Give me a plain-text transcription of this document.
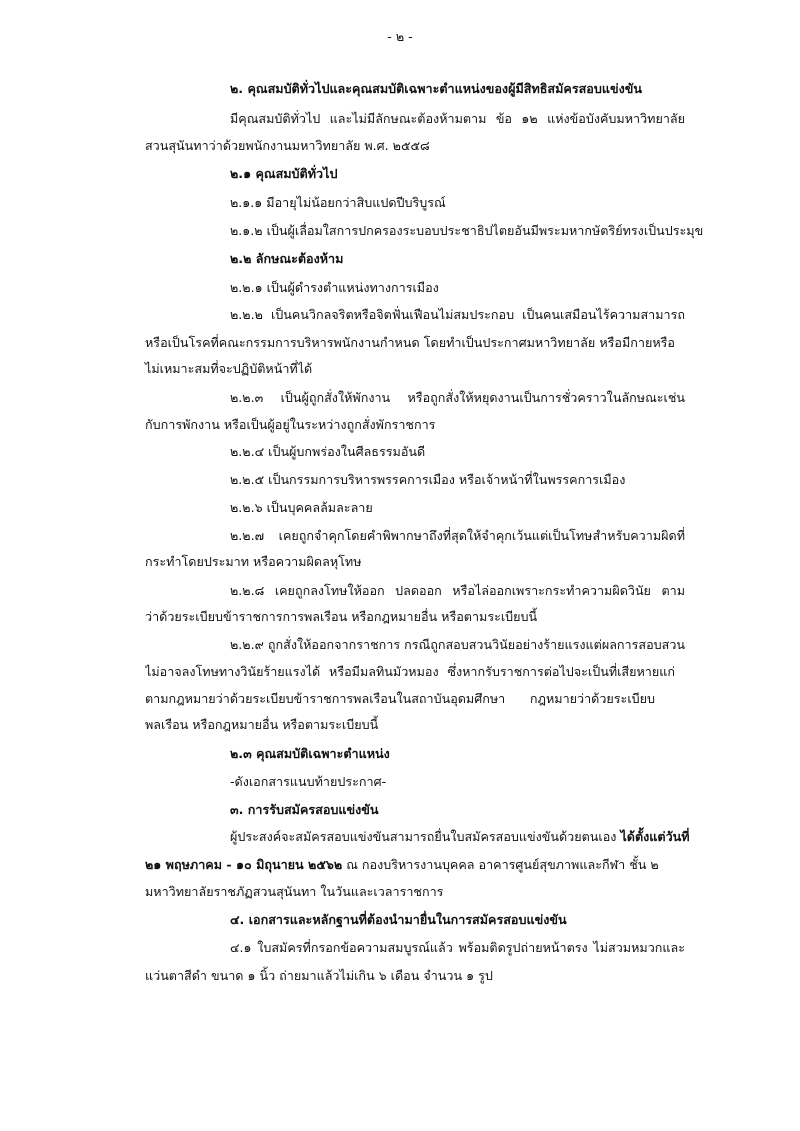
- ๒ -
๒. คุณสมบัติทั่วไปและคุณสมบัติเฉพาะตำแหน่งของผู้มีสิทธิสมัครสอบแข่งขัน
มีคุณสมบัติทั่วไป และไม่มีลักษณะต้องห้ามตาม ข้อ ๑๒ แห่งข้อบังคับมหาวิทยาลัย
สวนสุนันทาว่าด้วยพนักงานมหาวิทยาลัย พ.ศ. ๒๕๕๘
๒.๑ คุณสมบัติทั่วไป
๒.๑.๑ มีอายุไม่น้อยกว่าสิบแปดปีบริบูรณ์
๒.๑.๒ เป็นผู้เลื่อมใสการปกครองระบอบประชาธิปไตยอันมีพระมหากษัตริย์ทรงเป็นประมุข
๒.๒ ลักษณะต้องห้าม
๒.๒.๑ เป็นผู้ดำรงตำแหน่งทางการเมือง
๒.๒.๒ เป็นคนวิกลจริตหรือจิตฟั่นเฟือนไม่สมประกอบ เป็นคนเสมือนไร้ความสามารถ
หรือเป็นโรคที่คณะกรรมการบริหารพนักงานกำหนด โดยทำเป็นประกาศมหาวิทยาลัย หรือมีกายหรือ
ไม่เหมาะสมที่จะปฏิบัติหน้าที่ได้
๒.๒.๓ เป็นผู้ถูกสั่งให้พักงาน หรือถูกสั่งให้หยุดงานเป็นการชั่วคราวในลักษณะเช่น
กับการพักงาน หรือเป็นผู้อยู่ในระหว่างถูกสั่งพักราชการ
๒.๒.๔ เป็นผู้บกพร่องในศีลธรรมอันดี
๒.๒.๕ เป็นกรรมการบริหารพรรคการเมือง หรือเจ้าหน้าที่ในพรรคการเมือง
๒.๒.๖ เป็นบุคคลล้มละลาย
๒.๒.๗ เคยถูกจำคุกโดยคำพิพากษาถึงที่สุดให้จำคุกเว้นแต่เป็นโทษสำหรับความผิดที่
กระทำโดยประมาท หรือความผิดลหุโทษ
๒.๒.๘ เคยถูกลงโทษให้ออก ปลดออก หรือไล่ออกเพราะกระทำความผิดวินัย ตาม
ว่าด้วยระเบียบข้าราชการการพลเรือน หรือกฎหมายอื่น หรือตามระเบียบนี้
๒.๒.๙ ถูกสั่งให้ออกจากราชการ กรณีถูกสอบสวนวินัยอย่างร้ายแรงแต่ผลการสอบสวน
ไม่อาจลงโทษทางวินัยร้ายแรงได้ หรือมีมลทินมัวหมอง ซึ่งหากรับราชการต่อไปจะเป็นที่เสียหายแก่
ตามกฎหมายว่าด้วยระเบียบข้าราชการพลเรือนในสถาบันอุดมศึกษา กฎหมายว่าด้วยระเบียบ
พลเรือน หรือกฎหมายอื่น หรือตามระเบียบนี้
๒.๓ คุณสมบัติเฉพาะตำแหน่ง
-ดังเอกสารแนบท้ายประกาศ-
๓. การรับสมัครสอบแข่งขัน
ผู้ประสงค์จะสมัครสอบแข่งขันสามารถยื่นใบสมัครสอบแข่งขันด้วยตนเอง ได้ตั้งแต่วันที่
๒๑ พฤษภาคม - ๑๐ มิถุนายน ๒๕๖๒ ณ กองบริหารงานบุคคล อาคารศูนย์สุขภาพและกีฬา ชั้น ๒
มหาวิทยาลัยราชภัฏสวนสุนันทา ในวันและเวลาราชการ
๔. เอกสารและหลักฐานที่ต้องนำมายื่นในการสมัครสอบแข่งขัน
๔.๑ ใบสมัครที่กรอกข้อความสมบูรณ์แล้ว พร้อมติดรูปถ่ายหน้าตรง ไม่สวมหมวกและ
แว่นตาสีดำ ขนาด ๑ นิ้ว ถ่ายมาแล้วไม่เกิน ๖ เดือน จำนวน ๑ รูป
